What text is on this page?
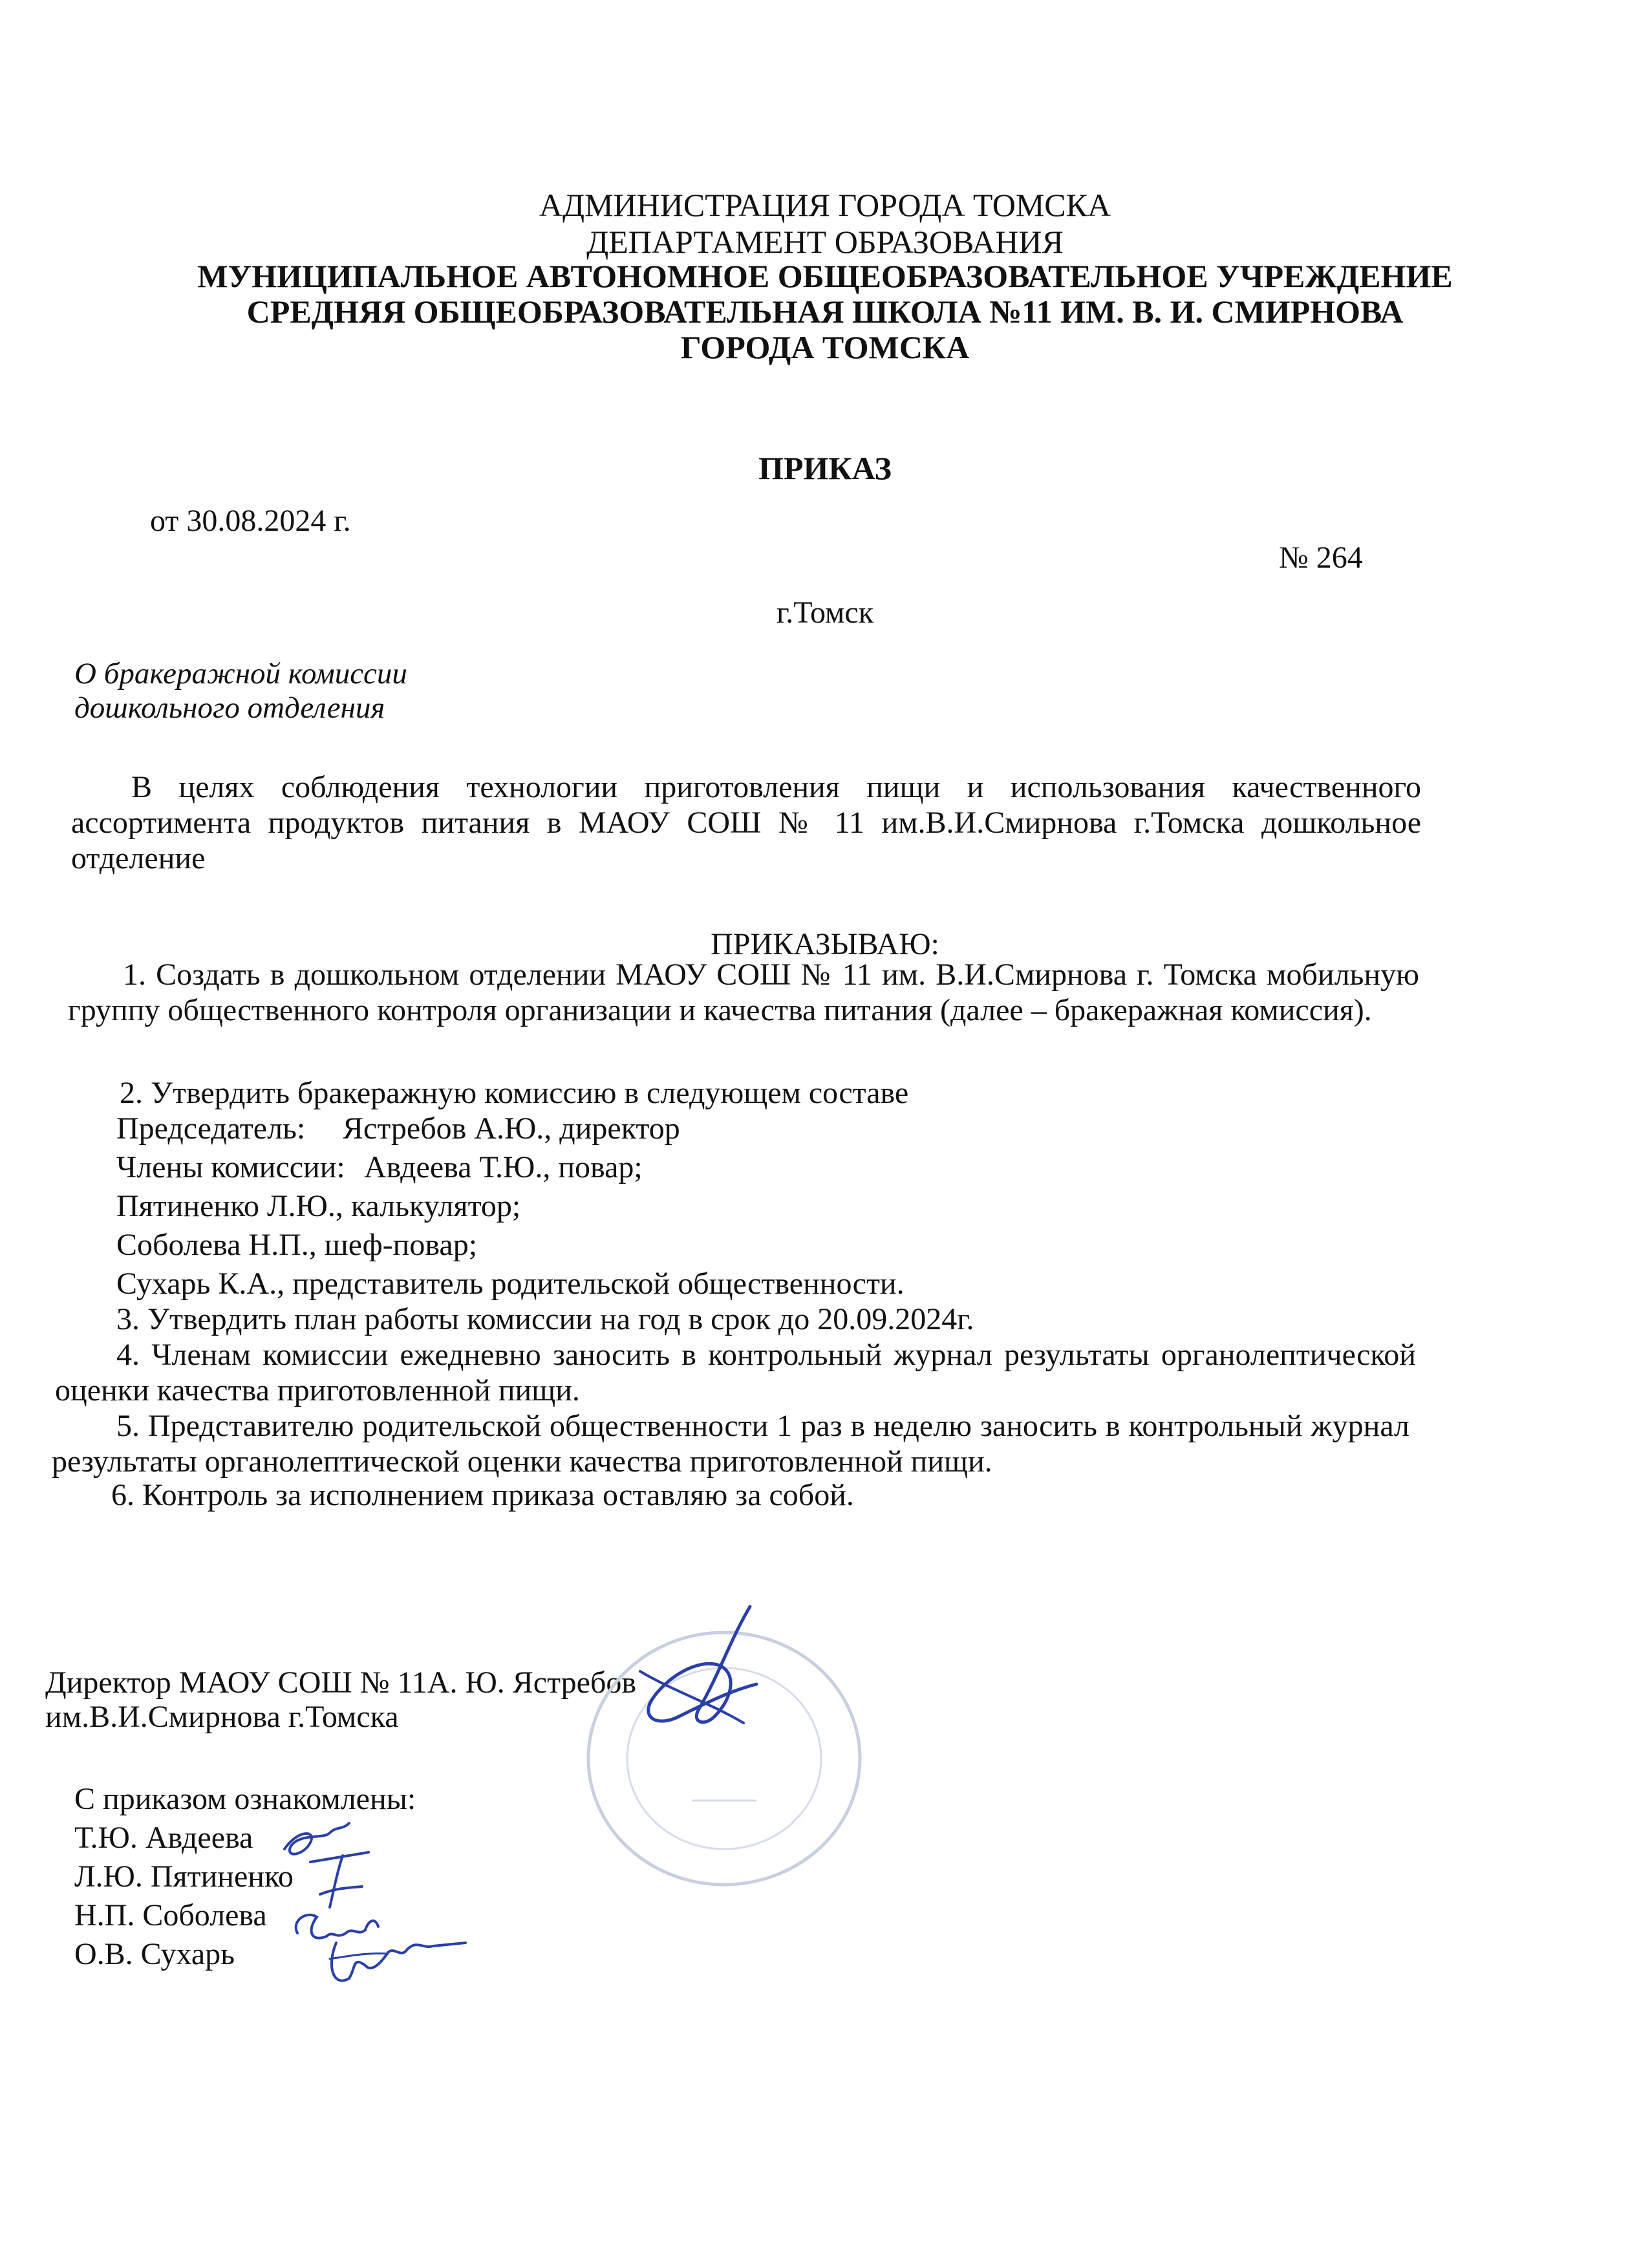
АДМИНИСТРАЦИЯ ГОРОДА ТОМСКА
ДЕПАРТАМЕНТ ОБРАЗОВАНИЯ
МУНИЦИПАЛЬНОЕ АВТОНОМНОЕ ОБЩЕОБРАЗОВАТЕЛЬНОЕ УЧРЕЖДЕНИЕ
СРЕДНЯЯ ОБЩЕОБРАЗОВАТЕЛЬНАЯ ШКОЛА №11 ИМ. В. И. СМИРНОВА
ГОРОДА ТОМСКА
ПРИКАЗ
от 30.08.2024 г.
№ 264
г.Томск
О бракеражной комиссии
дошкольного отделения
В целях соблюдения технологии приготовления пищи и использования качественного ассортимента продуктов питания в МАОУ СОШ № 11 им.В.И.Смирнова г.Томска дошкольное отделение
ПРИКАЗЫВАЮ:
1. Создать в дошкольном отделении МАОУ СОШ № 11 им. В.И.Смирнова г. Томска мобильную группу общественного контроля организации и качества питания (далее – бракеражная комиссия).
2. Утвердить бракеражную комиссию в следующем составе
Председатель: Ястребов А.Ю., директор
Члены комиссии: Авдеева Т.Ю., повар;
Пятиненко Л.Ю., калькулятор;
Соболева Н.П., шеф-повар;
Сухарь К.А., представитель родительской общественности.
3. Утвердить план работы комиссии на год в срок до 20.09.2024г.
4. Членам комиссии ежедневно заносить в контрольный журнал результаты органолептической оценки качества приготовленной пищи.
5. Представителю родительской общественности 1 раз в неделю заносить в контрольный журнал результаты органолептической оценки качества приготовленной пищи.
6. Контроль за исполнением приказа оставляю за собой.
Директор МАОУ СОШ № 11А. Ю. Ястребов
им.В.И.Смирнова г.Томска
С приказом ознакомлены:
Т.Ю. Авдеева
Л.Ю. Пятиненко
Н.П. Соболева
О.В. Сухарь
